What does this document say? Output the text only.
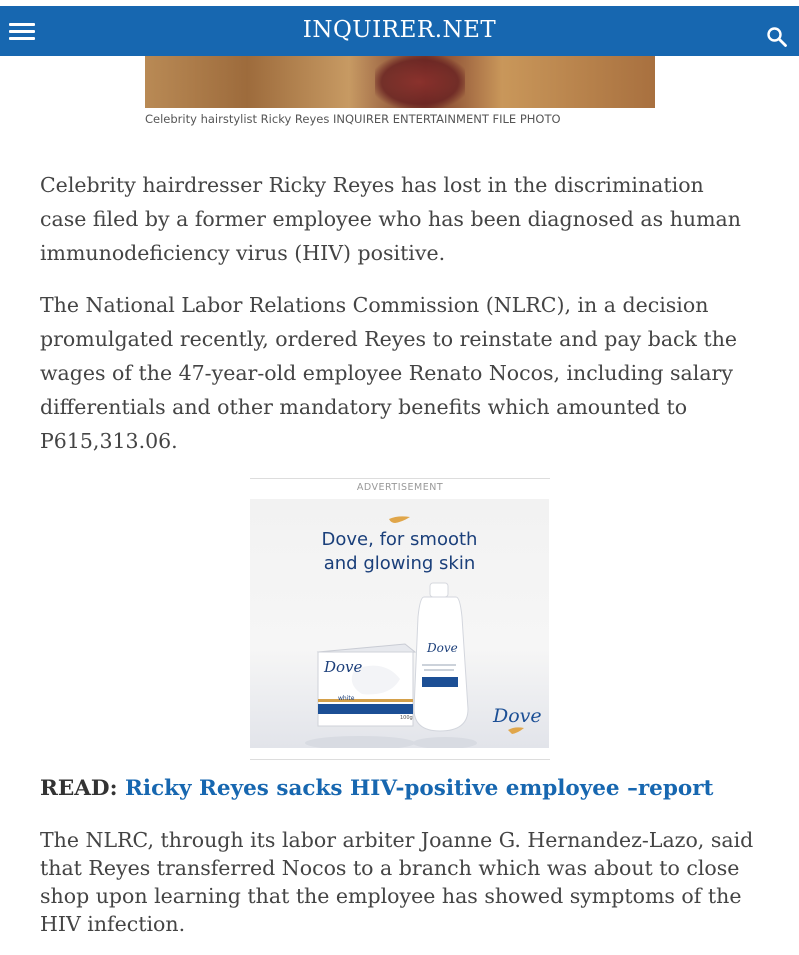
INQUIRER.NET
Celebrity hairstylist Ricky Reyes INQUIRER ENTERTAINMENT FILE PHOTO

Celebrity hairdresser Ricky Reyes has lost in the discrimination case filed by a former employee who has been diagnosed as human immunodeficiency virus (HIV) positive.

The National Labor Relations Commission (NLRC), in a decision promulgated recently, ordered Reyes to reinstate and pay back the wages of the 47-year-old employee Renato Nocos, including salary differentials and other mandatory benefits which amounted to P615,313.06.

ADVERTISEMENT
Dove
white
100g
Dove
Dove
Dove, for smooth
and glowing skin
READ: Ricky Reyes sacks HIV-positive employee –report

The NLRC, through its labor arbiter Joanne G. Hernandez-Lazo, said that Reyes transferred Nocos to a branch which was about to close shop upon learning that the employee has showed symptoms of the HIV infection.
